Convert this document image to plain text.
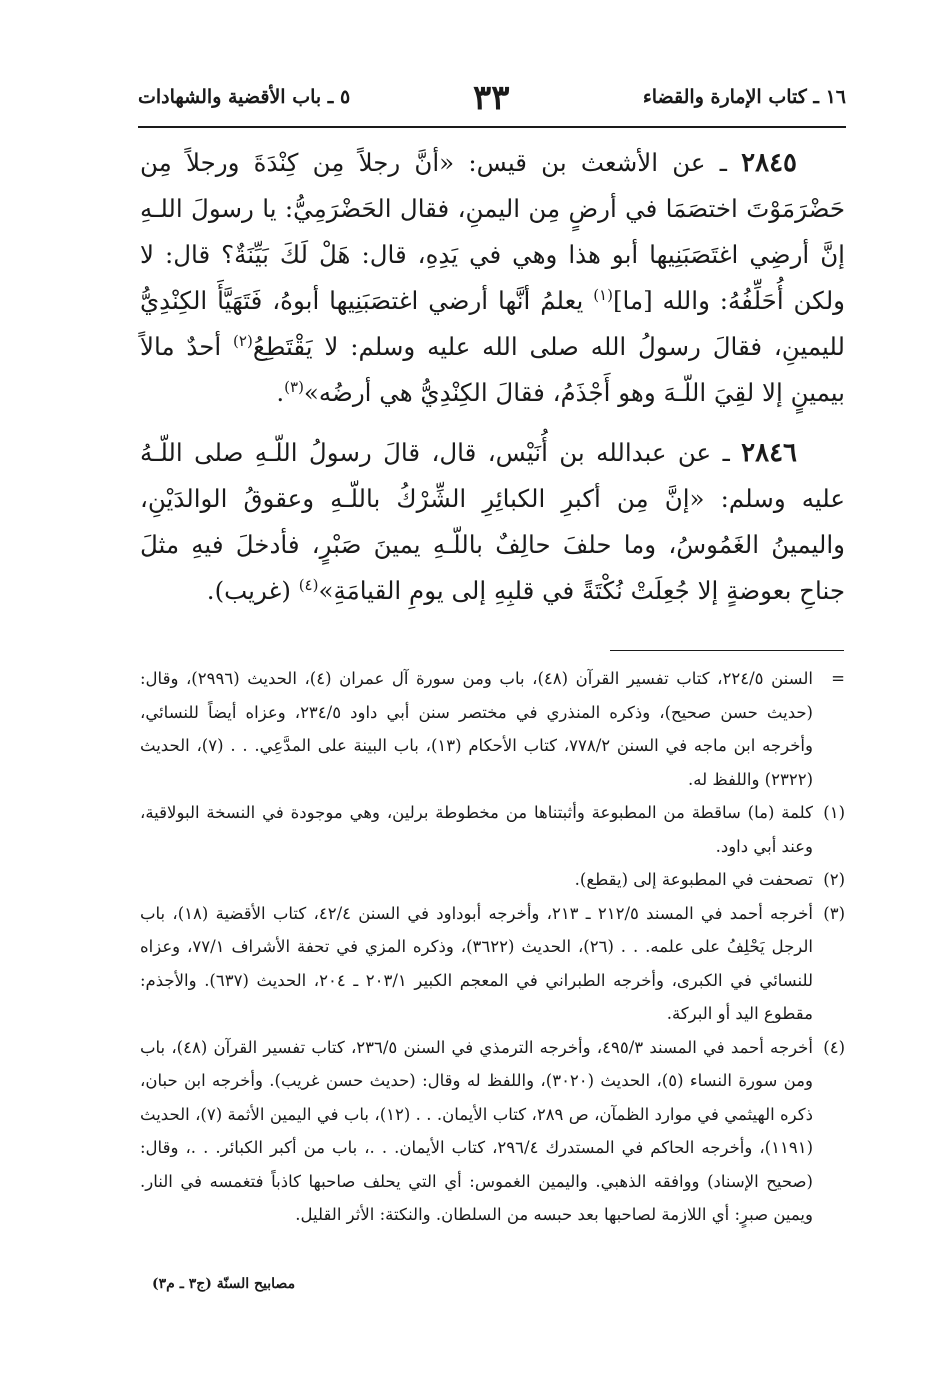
١٦ ـ كتاب الإمارة والقضاء
٣٣
٥ ـ باب الأقضية والشهادات

٢٨٤٥ ـ عن الأشعث بن قيس: «أنَّ رجلاً مِن كِنْدَةَ ورجلاً مِن حَضْرَمَوْتَ اختصَمَا في أرضٍ مِن اليمنِ، فقال الحَضْرَمِيُّ: يا رسولَ اللـهِ إنَّ أرضِي اغتَصَبَنِيها أبو هذا وهي في يَدِهِ، قال: هَلْ لَكَ بَيِّنَةٌ؟ قال: لا ولكن أُحَلِّفُهُ: والله [ما]$^{(١)}$ يعلمُ أنَّها أرضي اغتصَبَنِيها أبوهُ، فَتَهَيَّأَ الكِنْدِيُّ لليمينِ، فقالَ رسولُ الله صلى الله عليه وسلم: لا يَقْتَطِعُ$^{(٢)}$ أحدٌ مالاً بيمينٍ إلا لقِيَ اللّـهَ وهو أَجْذَمُ، فقالَ الكِنْدِيُّ هي أرضُه»$^{(٣)}$.

٢٨٤٦ ـ عن عبدالله بن أُنَيْس، قال، قالَ رسولُ اللّـهِ صلى اللّـهُ عليه وسلم: «إنَّ مِن أكبرِ الكبائِرِ الشِّرْكُ باللّـهِ وعقوقُ الوالدَيْنِ، واليمينُ الغَمُوسُ، وما حلفَ حالِفٌ باللّـهِ يمينَ صَبْرٍ، فأدخلَ فيهِ مثلَ جناحِ بعوضةٍ إلا جُعِلَتْ نُكْتَةً في قلبِهِ إلى يومِ القيامَةِ»$^{(٤)}$ (غريب).

=
السنن ٢٢٤/٥، كتاب تفسير القرآن (٤٨)، باب ومن سورة آل عمران (٤)، الحديث (٢٩٩٦)، وقال: (حديث حسن صحيح)، وذكره المنذري في مختصر سنن أبي داود ٢٣٤/٥، وعزاه أيضاً للنسائي، وأخرجه ابن ماجه في السنن ٧٧٨/٢، كتاب الأحكام (١٣)، باب البينة على المدَّعِي. . . (٧)، الحديث (٢٣٢٢) واللفظ له.
(١)
كلمة (ما) ساقطة من المطبوعة وأثبتناها من مخطوطة برلين، وهي موجودة في النسخة البولاقية، وعند أبي داود.
(٢)
تصحفت في المطبوعة إلى (يقطع).
(٣)
أخرجه أحمد في المسند ٢١٢/٥ ـ ٢١٣، وأخرجه أبوداود في السنن ٤٢/٤، كتاب الأقضية (١٨)، باب الرجل يَحْلِفُ على علمه. . . (٢٦)، الحديث (٣٦٢٢)، وذكره المزي في تحفة الأشراف ٧٧/١، وعزاه للنسائي في الكبرى، وأخرجه الطبراني في المعجم الكبير ٢٠٣/١ ـ ٢٠٤، الحديث (٦٣٧). والأجذم: مقطوع اليد أو البركة.
(٤)
أخرجه أحمد في المسند ٤٩٥/٣، وأخرجه الترمذي في السنن ٢٣٦/٥، كتاب تفسير القرآن (٤٨)، باب ومن سورة النساء (٥)، الحديث (٣٠٢٠)، واللفظ له وقال: (حديث حسن غريب). وأخرجه ابن حبان، ذكره الهيثمي في موارد الظمآن، ص ٢٨٩، كتاب الأيمان. . . (١٢)، باب في اليمين الأثمة (٧)، الحديث (١١٩١)، وأخرجه الحاكم في المستدرك ٢٩٦/٤، كتاب الأيمان. . .، باب من أكبر الكبائر. . .، وقال: (صحيح الإسناد) ووافقه الذهبي. واليمين الغموس: أي التي يحلف صاحبها كاذباً فتغمسه في النار. ويمين صبرٍ: أي اللازمة لصاحبها بعد حبسه من السلطان. والنكتة: الأثر القليل.
مصابيح السنّة (ج٣ ـ م٣)
